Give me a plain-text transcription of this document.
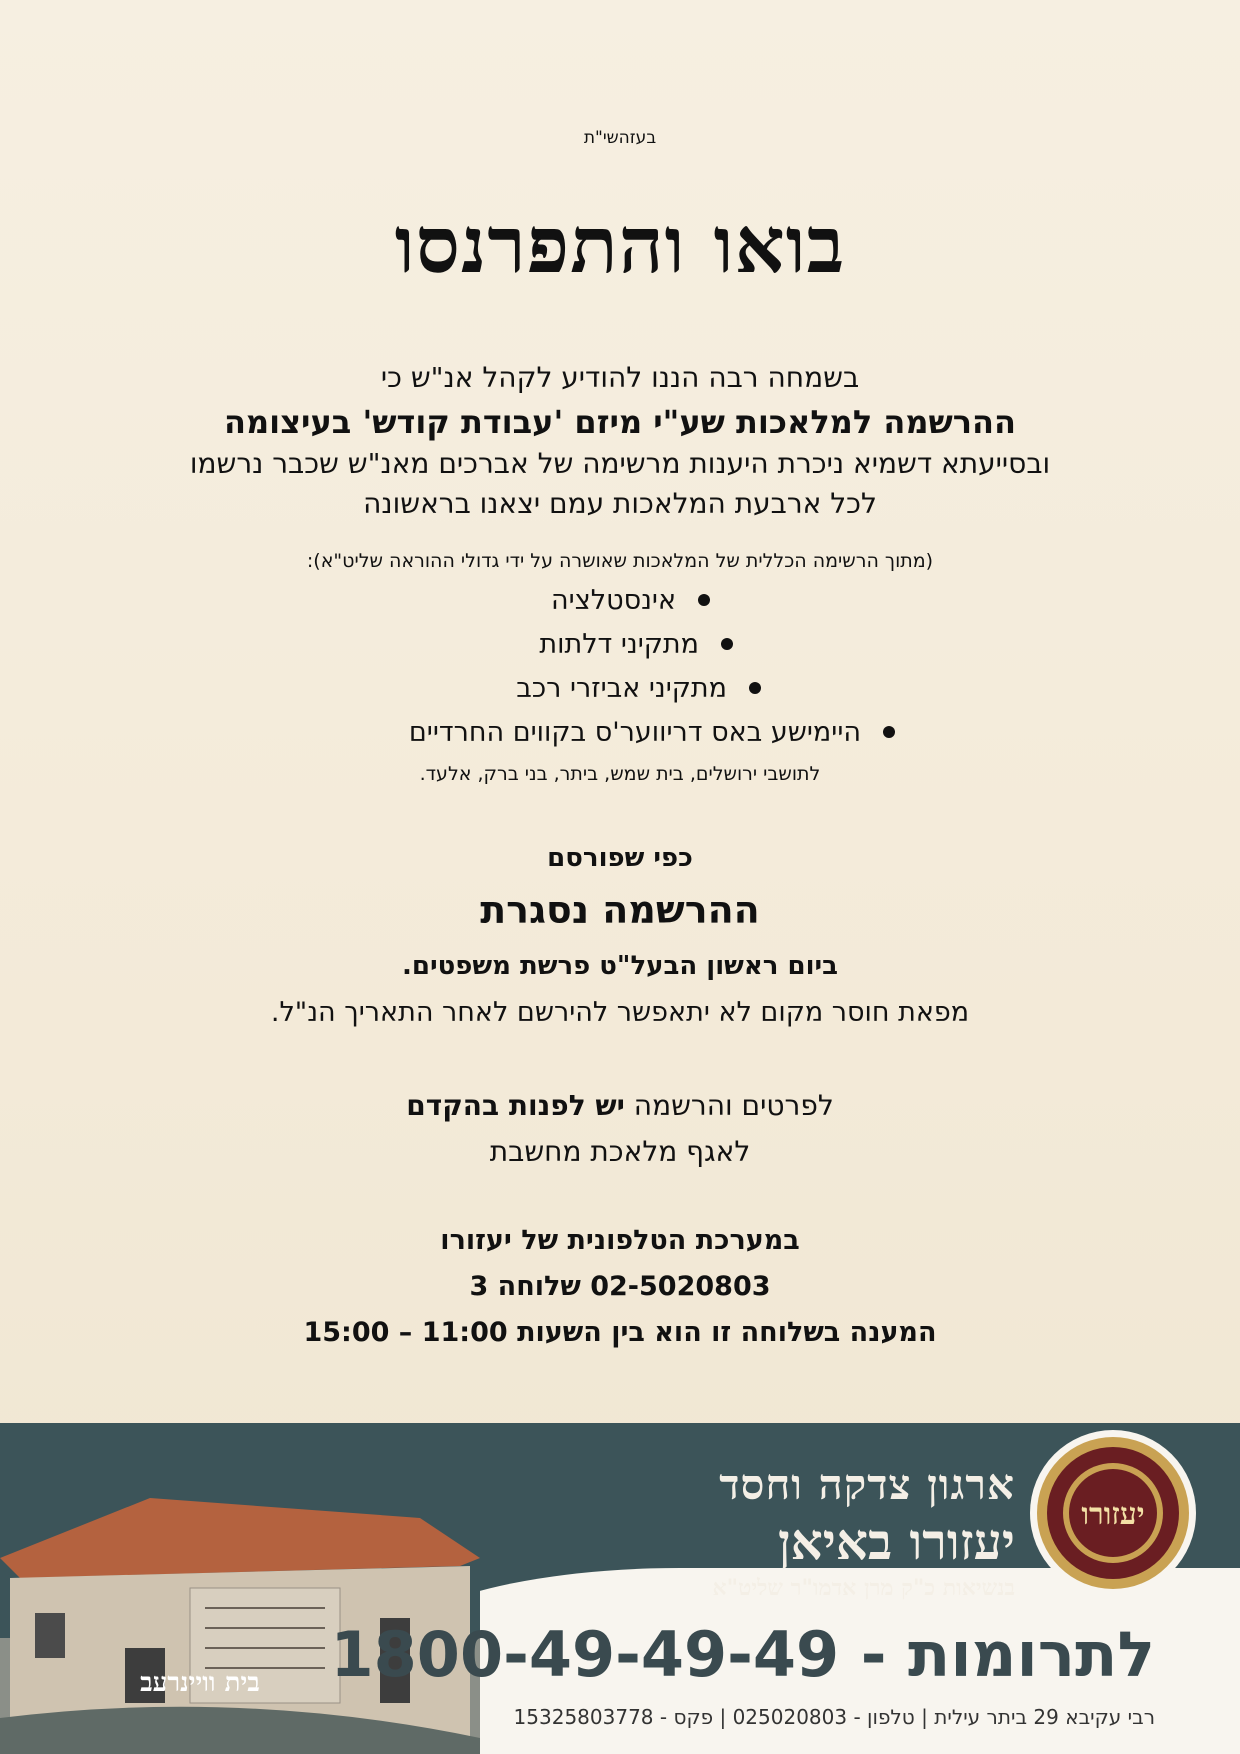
בעזהשי"ת
בואו והתפרנסו
בשמחה רבה הננו להודיע לקהל אנ"ש כי
ההרשמה למלאכות שע"י מיזם 'עבודת קודש' בעיצומה
ובסייעתא דשמיא ניכרת היענות מרשימה של אברכים מאנ"ש שכבר נרשמו
לכל ארבעת המלאכות עמם יצאנו בראשונה
(מתוך הרשימה הכללית של המלאכות שאושרה על ידי גדולי ההוראה שליט"א):
אינסטלציה
מתקיני דלתות
מתקיני אביזרי רכב
היימישע באס דריווער'ס בקווים החרדיים
לתושבי ירושלים, בית שמש, ביתר, בני ברק, אלעד.
כפי שפורסם
ההרשמה נסגרת
ביום ראשון הבעל"ט פרשת משפטים.
מפאת חוסר מקום לא יתאפשר להירשם לאחר התאריך הנ"ל.
לפרטים והרשמה יש לפנות בהקדם
לאגף מלאכת מחשבת
במערכת הטלפונית של יעזורו
02-5020803 שלוחה 3
המענה בשלוחה זו הוא בין השעות 11:00 – 15:00
בית וויינרעב
ארגון צדקה וחסד
יעזורו באיאן
בנשיאות כ"ק מרן אדמו"ר שליט"א
יעזורו
לתרומות - 1800-49-49-49
רבי עקיבא 29 ביתר עילית | טלפון - 025020803 | פקס - 15325803778
